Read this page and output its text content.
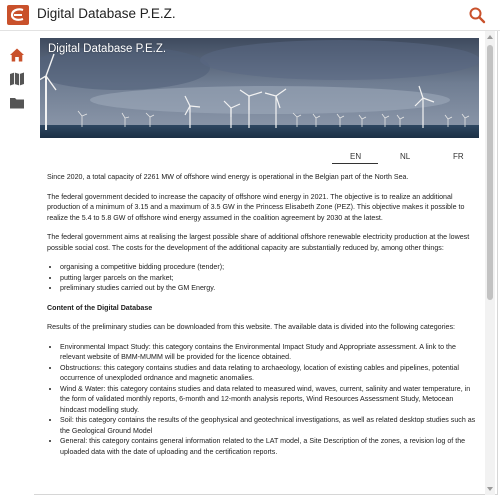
Digital Database P.E.Z.
Digital Database P.E.Z.
EN	NL	FR

Since 2020, a total capacity of 2261 MW of offshore wind energy is operational in the Belgian part of the North Sea.

The federal government decided to increase the capacity of offshore wind energy in 2021. The objective is to realize an additional production of a minimum of 3.15 and a maximum of 3.5 GW in the Princess Elisabeth Zone (PEZ). This objective makes it possible to realize the 5.4 to 5.8 GW of offshore wind energy assumed in the coalition agreement by 2030 at the latest.

The federal government aims at realising the largest possible share of additional offshore renewable electricity production at the lowest possible social cost. The costs for the development of the additional capacity are substantially reduced by, among other things:

• organising a competitive bidding procedure (tender);
• putting larger parcels on the market;
• preliminary studies carried out by the GM Energy.
Content of the Digital Database

Results of the preliminary studies can be downloaded from this website. The available data is divided into the following categories:

• Environmental Impact Study: this category contains the Environmental Impact Study and Appropriate assessment. A link to the relevant website of BMM-MUMM will be provided for the licence obtained.
• Obstructions: this category contains studies and data relating to archaeology, location of existing cables and pipelines, potential occurrence of unexploded ordnance and magnetic anomalies.
• Wind & Water: this category contains studies and data related to measured wind, waves, current, salinity and water temperature, in the form of validated monthly reports, 6-month and 12-month analysis reports, Wind Resources Assessment Study, Metocean hindcast modelling study.
• Soil: this category contains the results of the geophysical and geotechnical investigations, as well as related desktop studies such as the Geological Ground Model
• General: this category contains general information related to the LAT model, a Site Description of the zones, a revision log of the uploaded data with the date of uploading and the certification reports.
